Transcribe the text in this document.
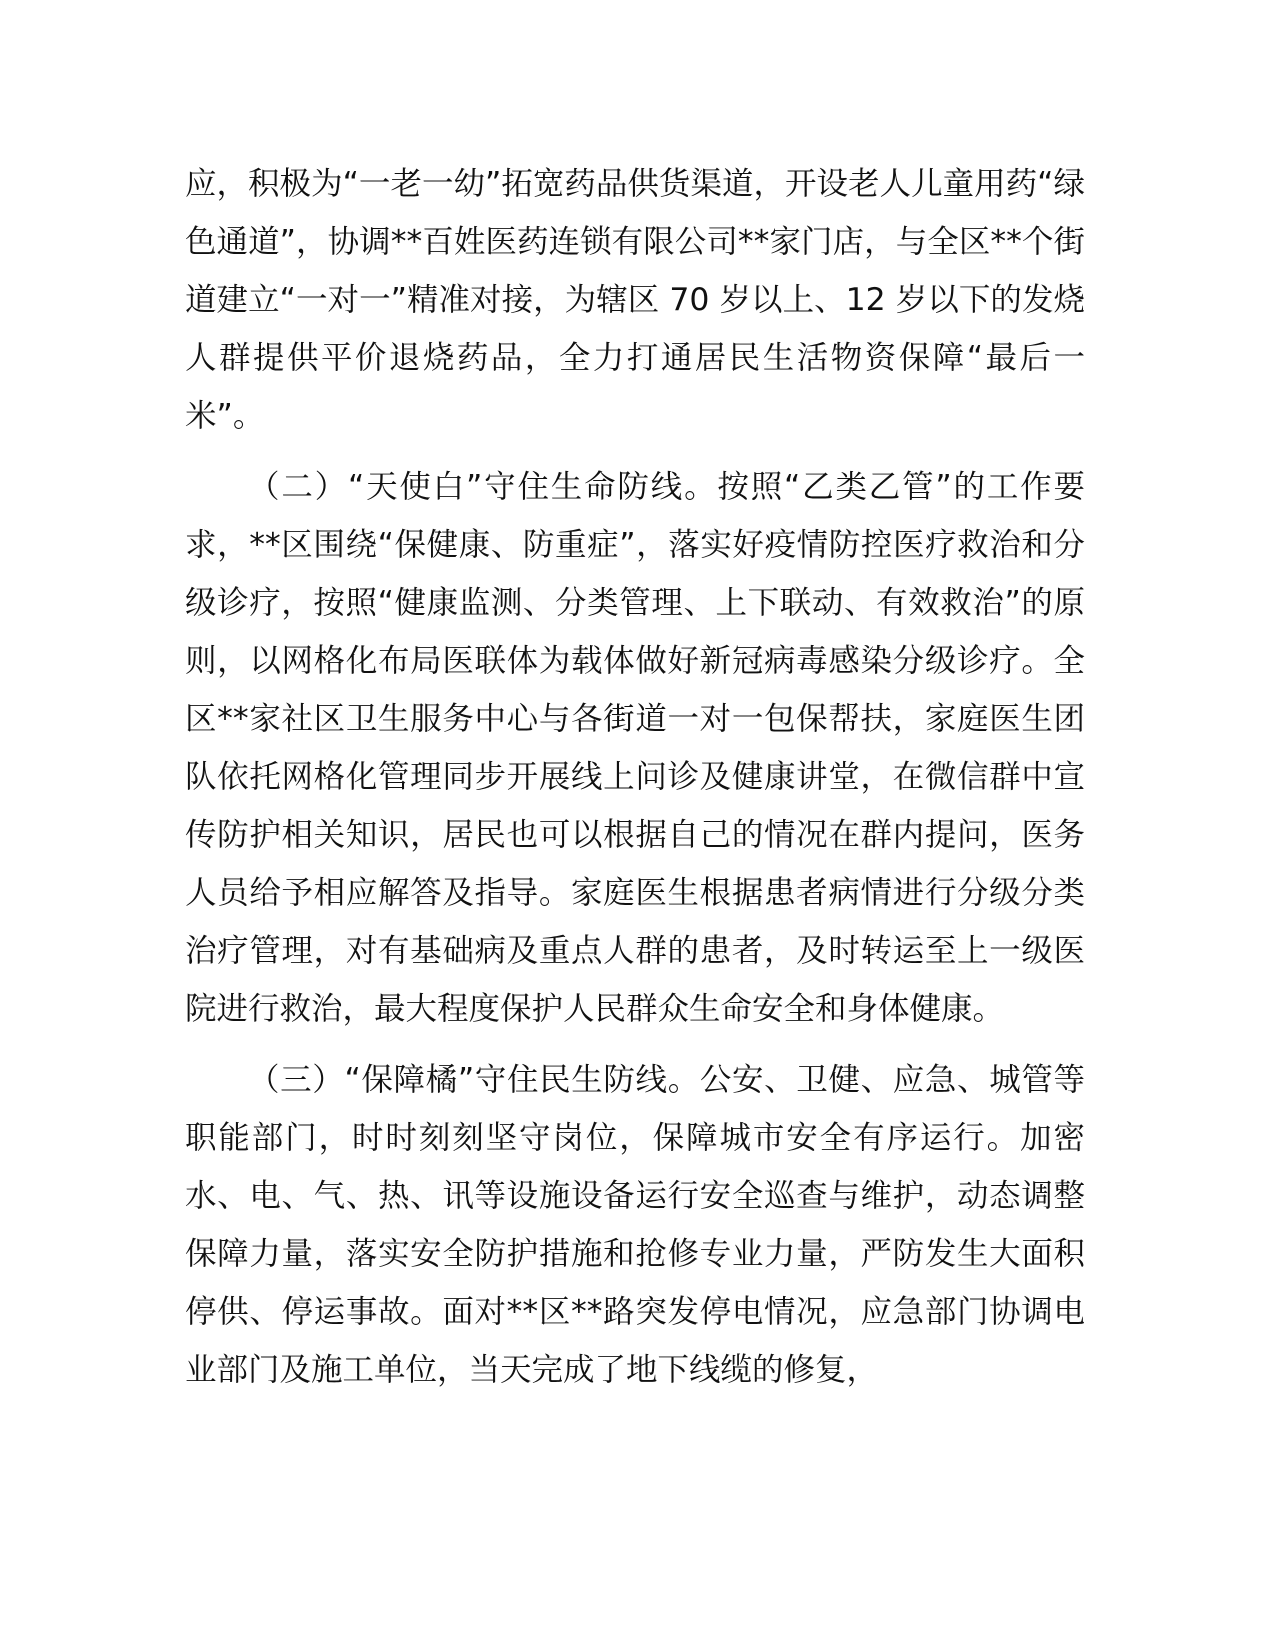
应，积极为“一老一幼”拓宽药品供货渠道，开设老人儿童用药“绿色通道”，协调**百姓医药连锁有限公司**家门店，与全区**个街道建立“一对一”精准对接，为辖区 70 岁以上、12 岁以下的发烧人群提供平价退烧药品，全力打通居民生活物资保障“最后一米”。

（二）“天使白”守住生命防线。按照“乙类乙管”的工作要求，**区围绕“保健康、防重症”，落实好疫情防控医疗救治和分级诊疗，按照“健康监测、分类管理、上下联动、有效救治”的原则，以网格化布局医联体为载体做好新冠病毒感染分级诊疗。全区**家社区卫生服务中心与各街道一对一包保帮扶，家庭医生团队依托网格化管理同步开展线上问诊及健康讲堂，在微信群中宣传防护相关知识，居民也可以根据自己的情况在群内提问，医务人员给予相应解答及指导。家庭医生根据患者病情进行分级分类治疗管理，对有基础病及重点人群的患者，及时转运至上一级医院进行救治，最大程度保护人民群众生命安全和身体健康。

（三）“保障橘”守住民生防线。公安、卫健、应急、城管等职能部门，时时刻刻坚守岗位，保障城市安全有序运行。加密水、电、气、热、讯等设施设备运行安全巡查与维护，动态调整保障力量，落实安全防护措施和抢修专业力量，严防发生大面积停供、停运事故。面对**区**路突发停电情况，应急部门协调电业部门及施工单位，当天完成了地下线缆的修复，
